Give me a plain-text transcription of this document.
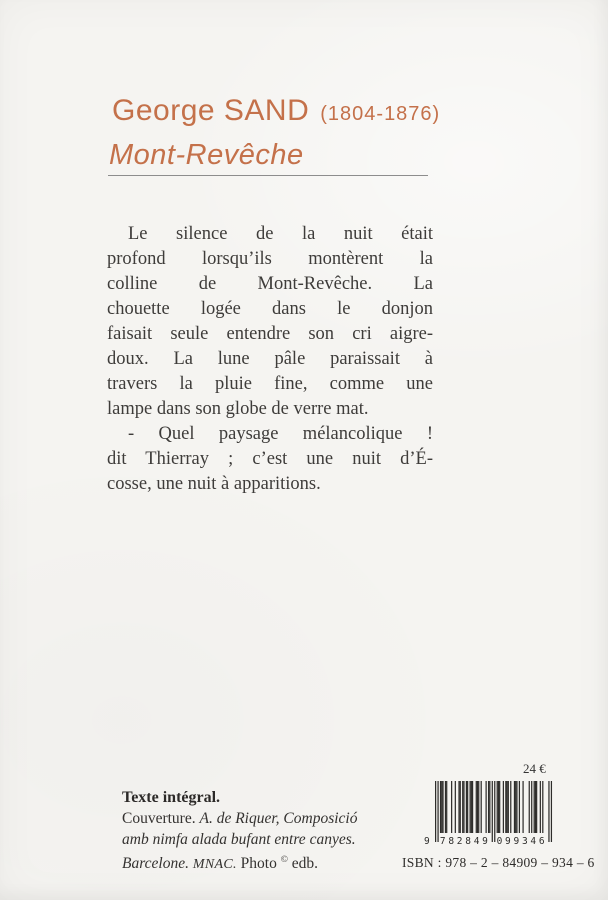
George SAND (1804-1876)
Mont-Revêche
Le silence de la nuit était
profond lorsqu’ils montèrent la
colline de Mont-Revêche. La
chouette logée dans le donjon
faisait seule entendre son cri aigre-
doux. La lune pâle paraissait à
travers la pluie fine, comme une
lampe dans son globe de verre mat.
- Quel paysage mélancolique !
dit Thierray ; c’est une nuit d’É-
cosse, une nuit à apparitions.
Texte intégral.
Couverture. A. de Riquer, Composició
amb nimfa alada bufant entre canyes.
Barcelone. MNAC. Photo © edb.
24 €
9 782849 099346
ISBN : 978 – 2 – 84909 – 934 – 6
